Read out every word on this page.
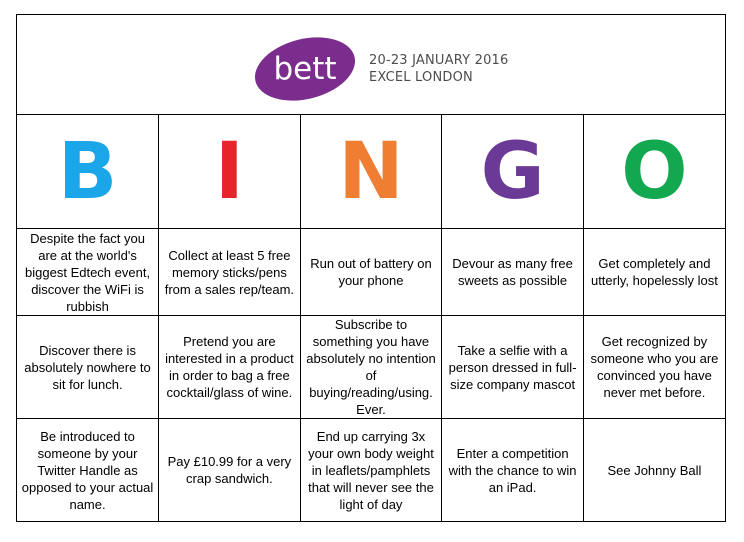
bett 20-23 JANUARY 2016
EXCEL LONDON
B	I	N	G	O
Despite the fact you are at the world's biggest Edtech event, discover the WiFi is rubbish	Collect at least 5 free memory sticks/pens from a sales rep/team.	Run out of battery on your phone	Devour as many free sweets as possible	Get completely and utterly, hopelessly lost
Discover there is absolutely nowhere to sit for lunch.	Pretend you are interested in a product in order to bag a free cocktail/glass of wine.	Subscribe to something you have absolutely no intention of buying/reading/using. Ever.	Take a selfie with a person dressed in full-size company mascot	Get recognized by someone who you are convinced you have never met before.
Be introduced to someone by your Twitter Handle as opposed to your actual name.	Pay £10.99 for a very crap sandwich.	End up carrying 3x your own body weight in leaflets/pamphlets that will never see the light of day	Enter a competition with the chance to win an iPad.	See Johnny Ball
